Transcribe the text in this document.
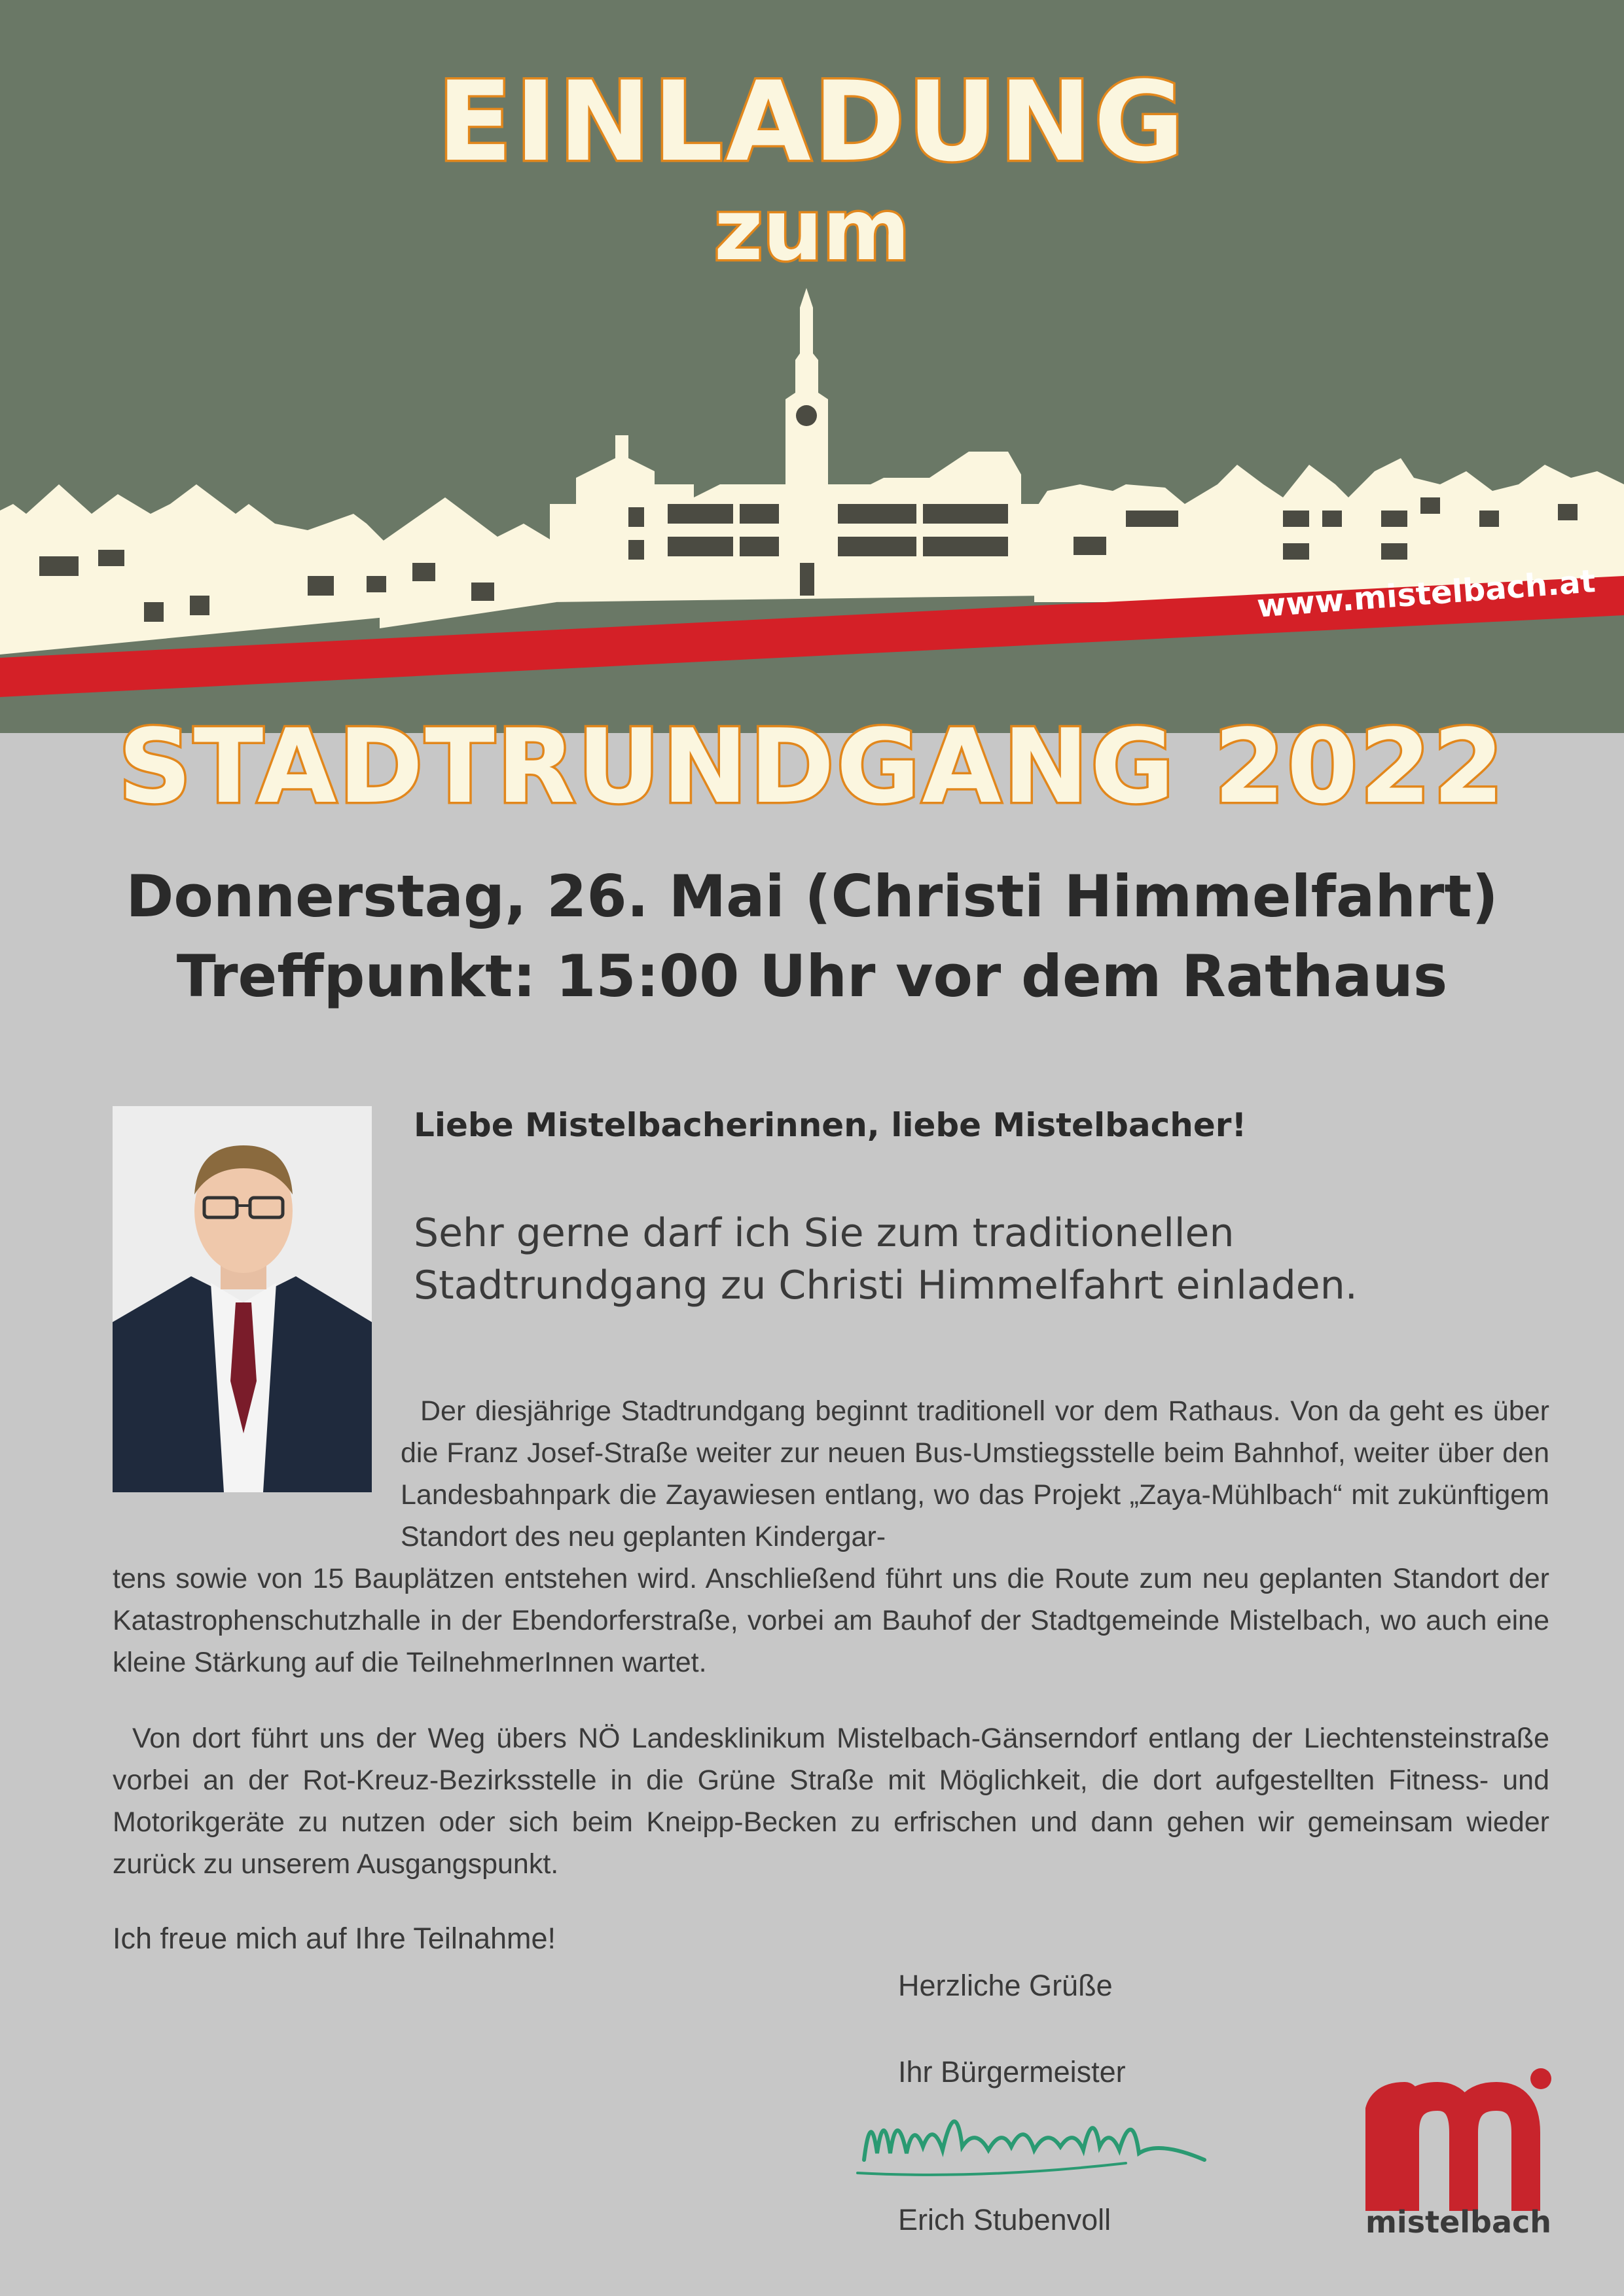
EINLADUNG
zum
www.mistelbach.at
STADTRUNDGANG 2022
Donnerstag, 26. Mai (Christi Himmelfahrt)
Treffpunkt: 15:00 Uhr vor dem Rathaus
Liebe Mistelbacherinnen, liebe Mistelbacher!
Sehr gerne darf ich Sie zum traditionellen Stadtrundgang zu Christi Himmelfahrt einladen.
Der diesjährige Stadtrundgang beginnt traditionell vor dem Rathaus. Von da geht es über die Franz Josef-Straße weiter zur neuen Bus-Umstiegsstelle beim Bahnhof, weiter über den Landesbahnpark die Zayawiesen entlang, wo das Projekt „Zaya-Mühlbach“ mit zukünftigem Standort des neu geplanten Kindergar-
tens sowie von 15 Bauplätzen entstehen wird. Anschließend führt uns die Route zum neu geplanten Standort der Katastrophenschutzhalle in der Ebendorferstraße, vorbei am Bauhof der Stadtgemeinde Mistelbach, wo auch eine kleine Stärkung auf die TeilnehmerInnen wartet.
Von dort führt uns der Weg übers NÖ Landesklinikum Mistelbach-Gänserndorf entlang der Liechtensteinstraße vorbei an der Rot-Kreuz-Bezirksstelle in die Grüne Straße mit Möglichkeit, die dort aufgestellten Fitness- und Motorikgeräte zu nutzen oder sich beim Kneipp-Becken zu erfrischen und dann gehen wir gemeinsam wieder zurück zu unserem Ausgangspunkt.
Ich freue mich auf Ihre Teilnahme!
Herzliche Grüße
Ihr Bürgermeister
Erich Stubenvoll	mistelbach
